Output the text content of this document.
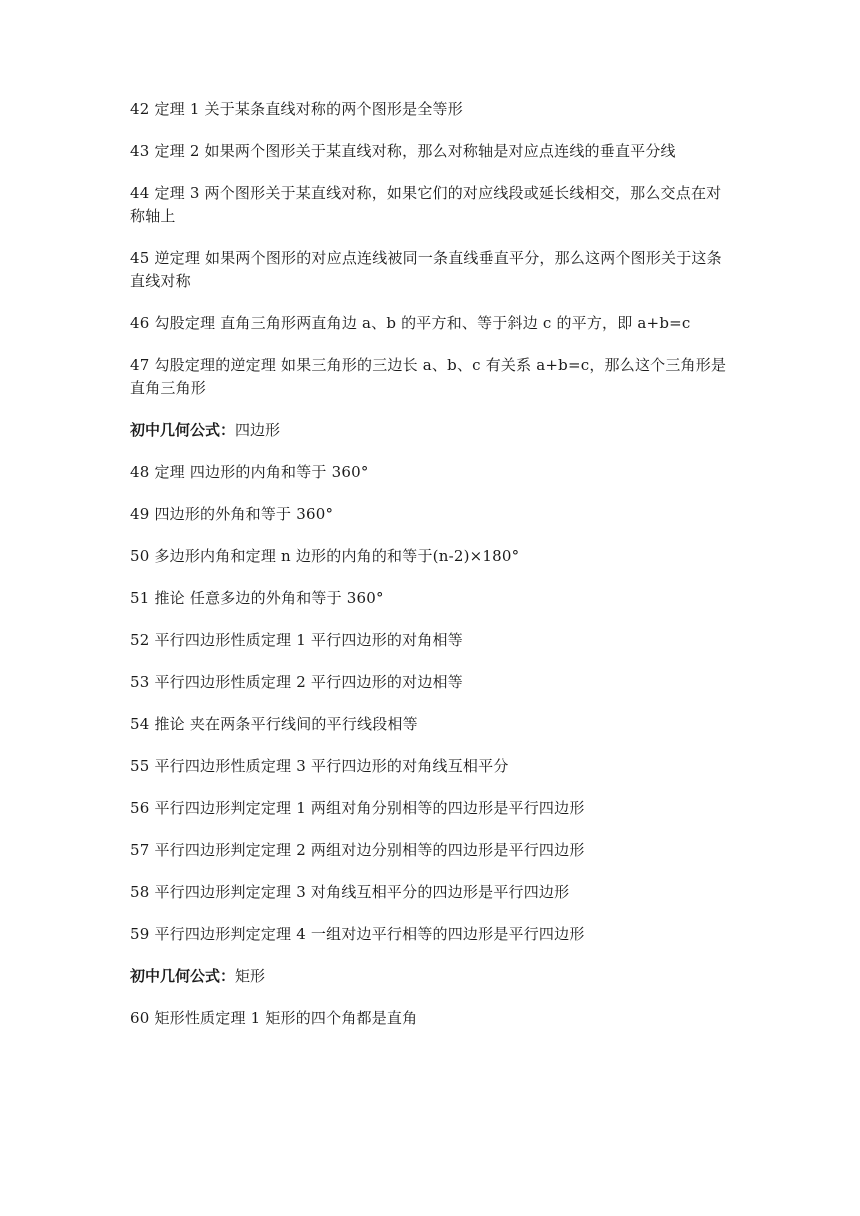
42 定理 1 关于某条直线对称的两个图形是全等形

43 定理 2 如果两个图形关于某直线对称，那么对称轴是对应点连线的垂直平分线

44 定理 3 两个图形关于某直线对称，如果它们的对应线段或延长线相交，那么交点在对称轴上

45 逆定理 如果两个图形的对应点连线被同一条直线垂直平分，那么这两个图形关于这条直线对称

46 勾股定理 直角三角形两直角边 a、b 的平方和、等于斜边 c 的平方，即 a+b=c

47 勾股定理的逆定理 如果三角形的三边长 a、b、c 有关系 a+b=c，那么这个三角形是直角三角形

初中几何公式：四边形

48 定理 四边形的内角和等于 360°

49 四边形的外角和等于 360°

50 多边形内角和定理 n 边形的内角的和等于(n-2)×180°

51 推论 任意多边的外角和等于 360°

52 平行四边形性质定理 1 平行四边形的对角相等

53 平行四边形性质定理 2 平行四边形的对边相等

54 推论 夹在两条平行线间的平行线段相等

55 平行四边形性质定理 3 平行四边形的对角线互相平分

56 平行四边形判定定理 1 两组对角分别相等的四边形是平行四边形

57 平行四边形判定定理 2 两组对边分别相等的四边形是平行四边形

58 平行四边形判定定理 3 对角线互相平分的四边形是平行四边形

59 平行四边形判定定理 4 一组对边平行相等的四边形是平行四边形

初中几何公式：矩形

60 矩形性质定理 1 矩形的四个角都是直角
